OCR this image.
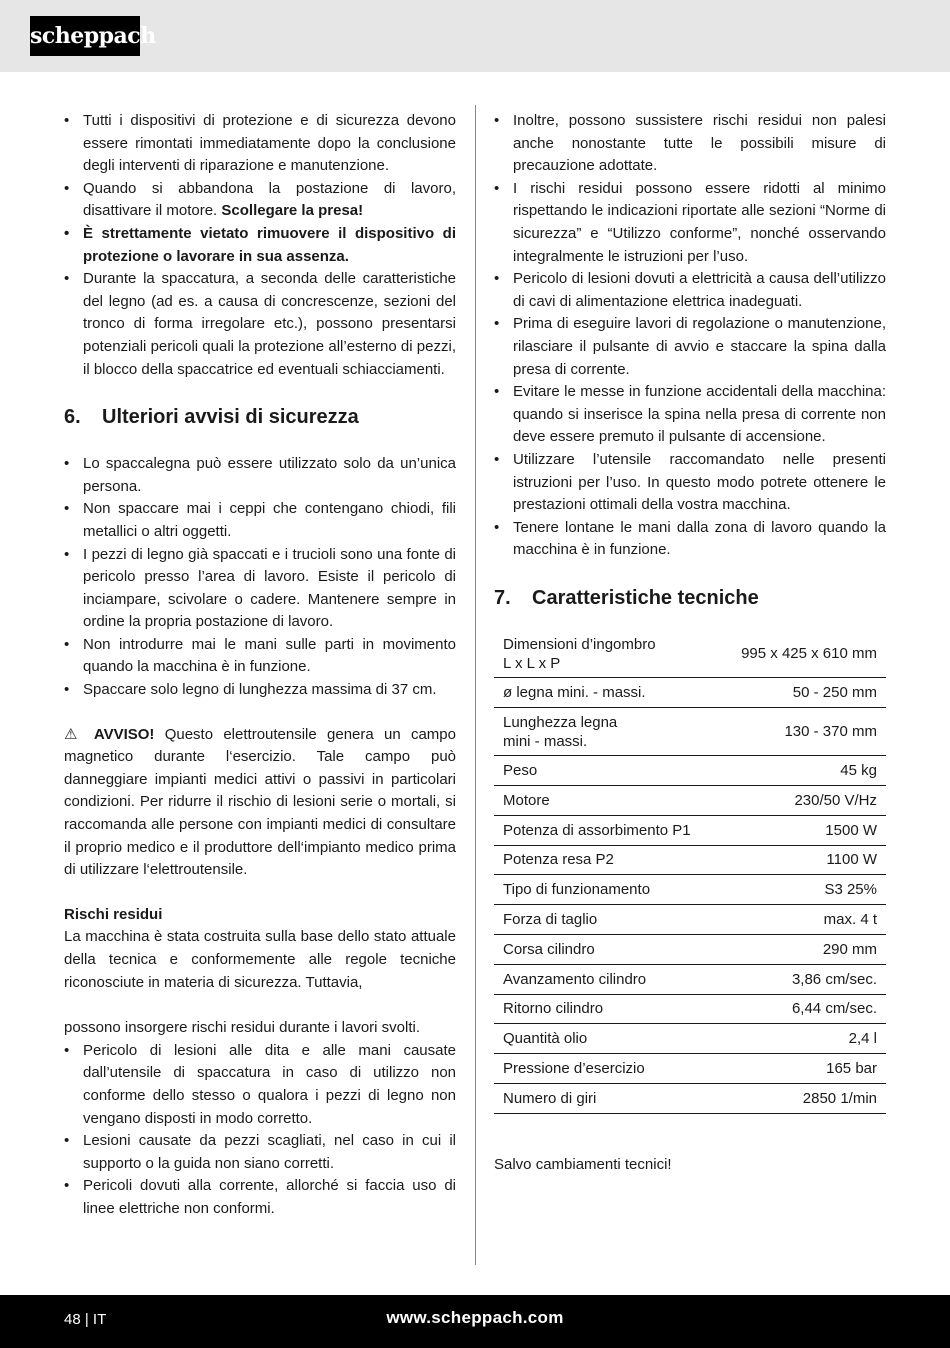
scheppach
• Tutti i dispositivi di protezione e di sicurezza devono essere rimontati immediatamente dopo la conclusione degli interventi di riparazione e manutenzione.
• Quando si abbandona la postazione di lavoro, disattivare il motore. Scollegare la presa!
• È strettamente vietato rimuovere il dispositivo di protezione o lavorare in sua assenza.
• Durante la spaccatura, a seconda delle caratteristiche del legno (ad es. a causa di concrescenze, sezioni del tronco di forma irregolare etc.), possono presentarsi potenziali pericoli quali la protezione all’esterno di pezzi, il blocco della spaccatrice ed eventuali schiacciamenti.
6.	Ulteriori avvisi di sicurezza
• Lo spaccalegna può essere utilizzato solo da un’unica persona.
• Non spaccare mai i ceppi che contengano chiodi, fili metallici o altri oggetti.
• I pezzi di legno già spaccati e i trucioli sono una fonte di pericolo presso l’area di lavoro. Esiste il pericolo di inciampare, scivolare o cadere. Mantenere sempre in ordine la propria postazione di lavoro.
• Non introdurre mai le mani sulle parti in movimento quando la macchina è in funzione.
• Spaccare solo legno di lunghezza massima di 37 cm.

⚠ AVVISO! Questo elettroutensile genera un campo magnetico durante l‘esercizio. Tale campo può danneggiare impianti medici attivi o passivi in particolari condizioni. Per ridurre il rischio di lesioni serie o mortali, si raccomanda alle persone con impianti medici di consultare il proprio medico e il produttore dell‘impianto medico prima di utilizzare l‘elettroutensile.

Rischi residui

La macchina è stata costruita sulla base dello stato attuale della tecnica e conformemente alle regole tecniche riconosciute in materia di sicurezza. Tuttavia,

possono insorgere rischi residui durante i lavori svolti.

• Pericolo di lesioni alle dita e alle mani causate dall’utensile di spaccatura in caso di utilizzo non conforme dello stesso o qualora i pezzi di legno non vengano disposti in modo corretto.
• Lesioni causate da pezzi scagliati, nel caso in cui il supporto o la guida non siano corretti.
• Pericoli dovuti alla corrente, allorché si faccia uso di linee elettriche non conformi.
• Inoltre, possono sussistere rischi residui non palesi anche nonostante tutte le possibili misure di precauzione adottate.
• I rischi residui possono essere ridotti al minimo rispettando le indicazioni riportate alle sezioni “Norme di sicurezza” e “Utilizzo conforme”, nonché osservando integralmente le istruzioni per l’uso.
• Pericolo di lesioni dovuti a elettricità a causa dell’utilizzo di cavi di alimentazione elettrica inadeguati.
• Prima di eseguire lavori di regolazione o manutenzione, rilasciare il pulsante di avvio e staccare la spina dalla presa di corrente.
• Evitare le messe in funzione accidentali della macchina: quando si inserisce la spina nella presa di corrente non deve essere premuto il pulsante di accensione.
• Utilizzare l’utensile raccomandato nelle presenti istruzioni per l’uso. In questo modo potrete ottenere le prestazioni ottimali della vostra macchina.
• Tenere lontane le mani dalla zona di lavoro quando la macchina è in funzione.
7.	Caratteristiche tecniche
Dimensioni d’ingombro
L x L x P	995 x 425 x 610 mm
ø legna mini. - massi.	50 - 250 mm
Lunghezza legna
mini - massi.	130 - 370 mm
Peso	45 kg
Motore	230/50 V/Hz
Potenza di assorbimento P1	1500 W
Potenza resa P2	1100 W
Tipo di funzionamento	S3 25%
Forza di taglio	max. 4 t
Corsa cilindro	290 mm
Avanzamento cilindro	3,86 cm/sec.
Ritorno cilindro	6,44 cm/sec.
Quantità olio	2,4 l
Pressione d’esercizio	165 bar
Numero di giri	2850 1/min
Salvo cambiamenti tecnici!
48 | IT	www.scheppach.com
